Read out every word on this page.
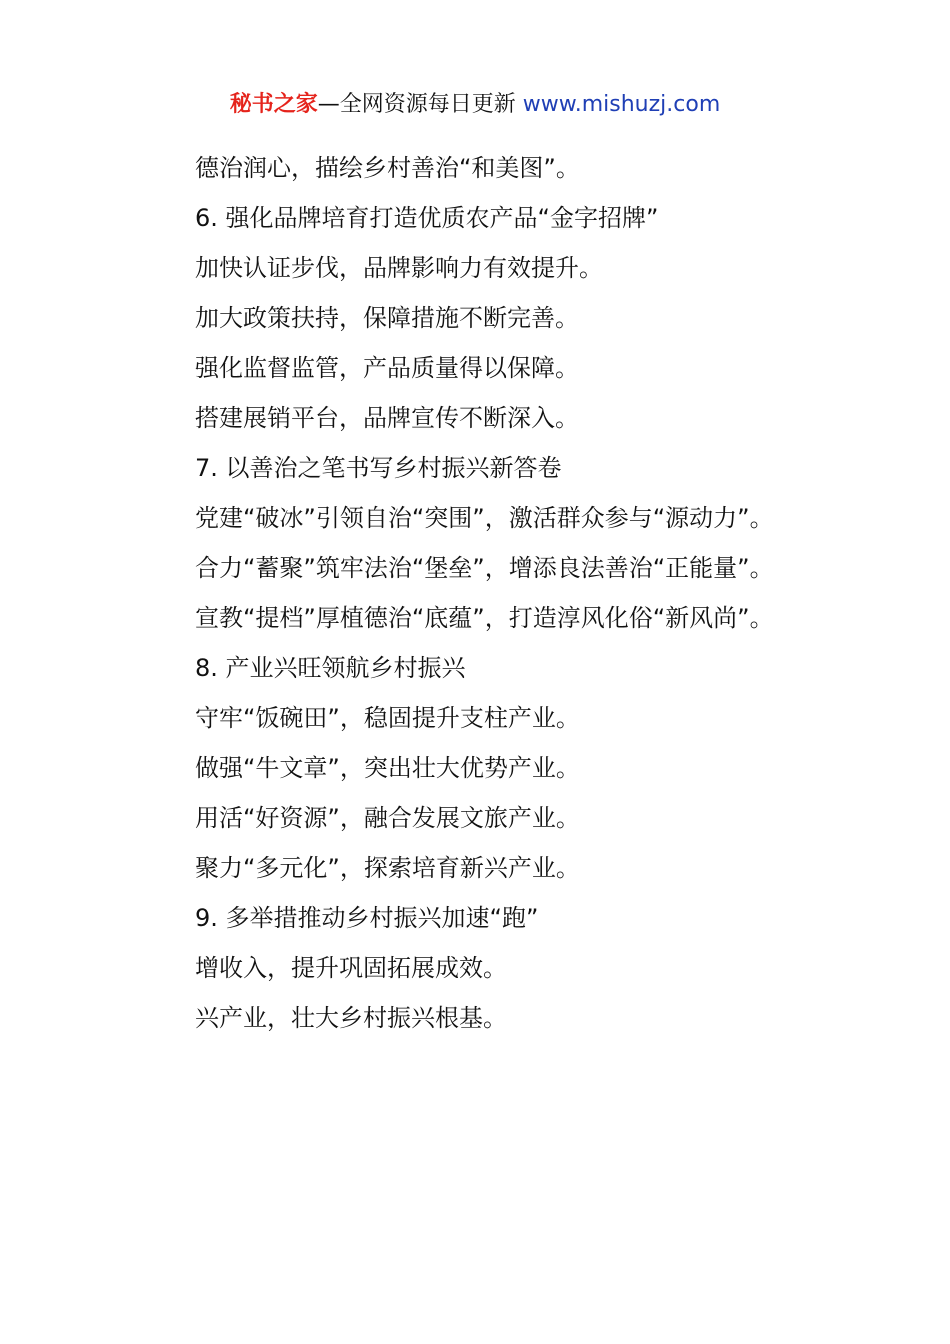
秘书之家—全网资源每日更新 www.mishuzj.com

德治润心，描绘乡村善治“和美图”。

6. 强化品牌培育打造优质农产品“金字招牌”

加快认证步伐，品牌影响力有效提升。

加大政策扶持，保障措施不断完善。

强化监督监管，产品质量得以保障。

搭建展销平台，品牌宣传不断深入。

7. 以善治之笔书写乡村振兴新答卷

党建“破冰”引领自治“突围”，激活群众参与“源动力”。

合力“蓄聚”筑牢法治“堡垒”，增添良法善治“正能量”。

宣教“提档”厚植德治“底蕴”，打造淳风化俗“新风尚”。

8. 产业兴旺领航乡村振兴

守牢“饭碗田”，稳固提升支柱产业。

做强“牛文章”，突出壮大优势产业。

用活“好资源”，融合发展文旅产业。

聚力“多元化”，探索培育新兴产业。

9. 多举措推动乡村振兴加速“跑”

增收入，提升巩固拓展成效。

兴产业，壮大乡村振兴根基。
